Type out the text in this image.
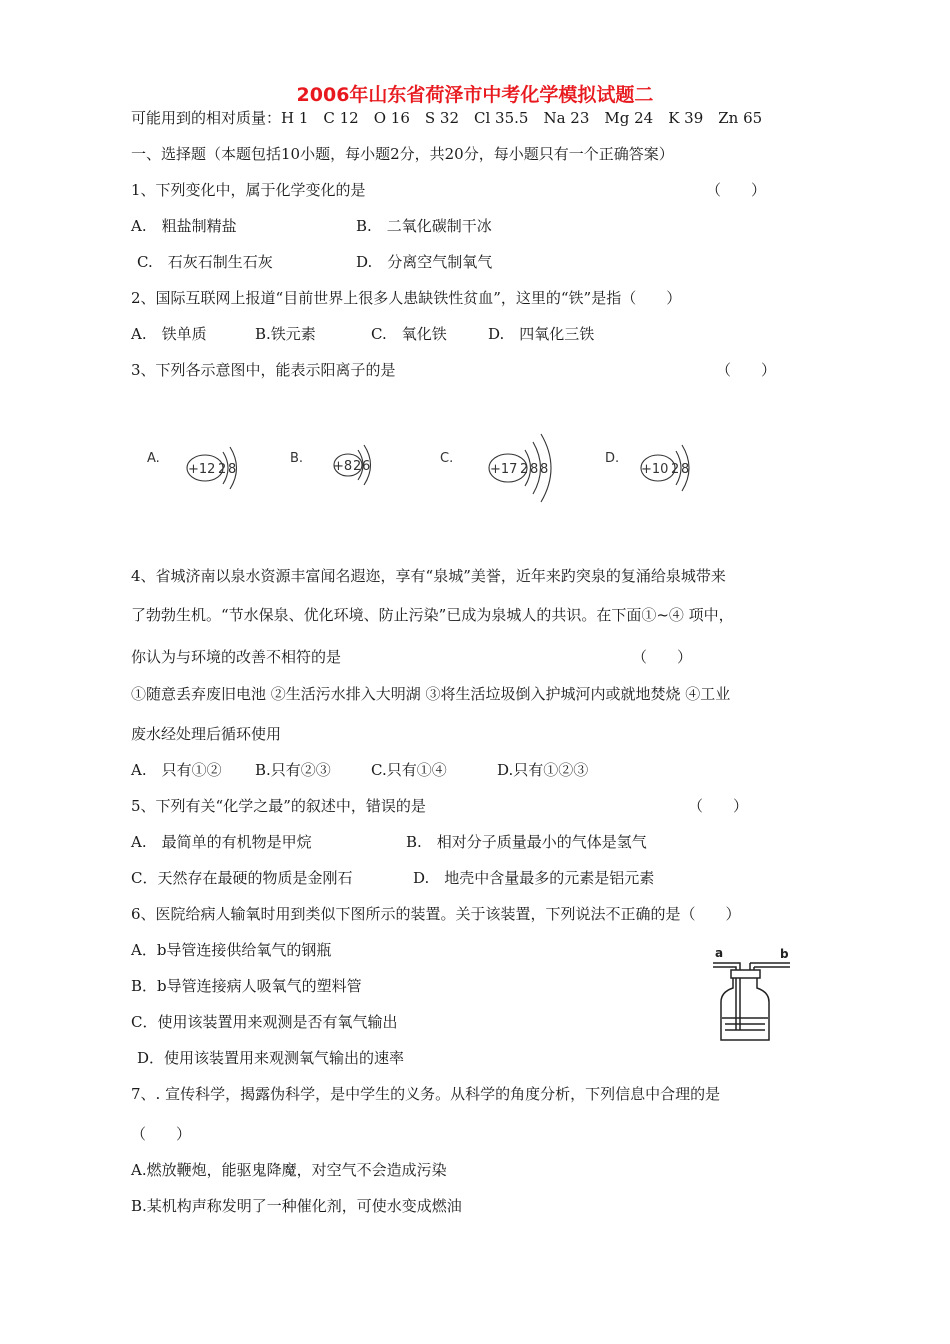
2006年山东省荷泽市中考化学模拟试题二
可能用到的相对质量：H 1　C 12　O 16　S 32　Cl 35.5　Na 23　Mg 24　K 39　Zn 65
一、选择题（本题包括10小题，每小题2分，共20分，每小题只有一个正确答案）
1、下列变化中，属于化学变化的是	（　　）
A.　粗盐制精盐	B.　二氧化碳制干冰
C.　石灰石制生石灰	D.　分离空气制氧气
2、国际互联网上报道“目前世界上很多人患缺铁性贫血”，这里的“铁”是指（　　）
A.　铁单质	B.铁元素	C.　氧化铁	D.　四氧化三铁
3、下列各示意图中，能表示阳离子的是	（　　）
A.
+12 2 8
B.
+8 2 6
C.
+17 2 8 8
D.
+10 2 8
4、省城济南以泉水资源丰富闻名遐迩，享有“泉城”美誉，近年来趵突泉的复涌给泉城带来
了勃勃生机。“节水保泉、优化环境、防止污染”已成为泉城人的共识。在下面①~④ 项中，
你认为与环境的改善不相符的是	（　　）
①随意丢弃废旧电池 ②生活污水排入大明湖 ③将生活垃圾倒入护城河内或就地焚烧 ④工业
废水经处理后循环使用
A.　只有①② B.只有②③	C.只有①④	D.只有①②③
5、下列有关“化学之最”的叙述中，错误的是	（　　）
A.　最简单的有机物是甲烷	B.　相对分子质量最小的气体是氢气
C．天然存在最硬的物质是金刚石	D.　地壳中含量最多的元素是铝元素
6、医院给病人输氧时用到类似下图所示的装置。关于该装置，下列说法不正确的是（　　）
A．b导管连接供给氧气的钢瓶
B．b导管连接病人吸氧气的塑料管
C．使用该装置用来观测是否有氧气输出
D．使用该装置用来观测氧气输出的速率
a	b
7、. 宣传科学，揭露伪科学，是中学生的义务。从科学的角度分析，下列信息中合理的是
（　　）
A.燃放鞭炮，能驱鬼降魔，对空气不会造成污染
B.某机构声称发明了一种催化剂，可使水变成燃油
